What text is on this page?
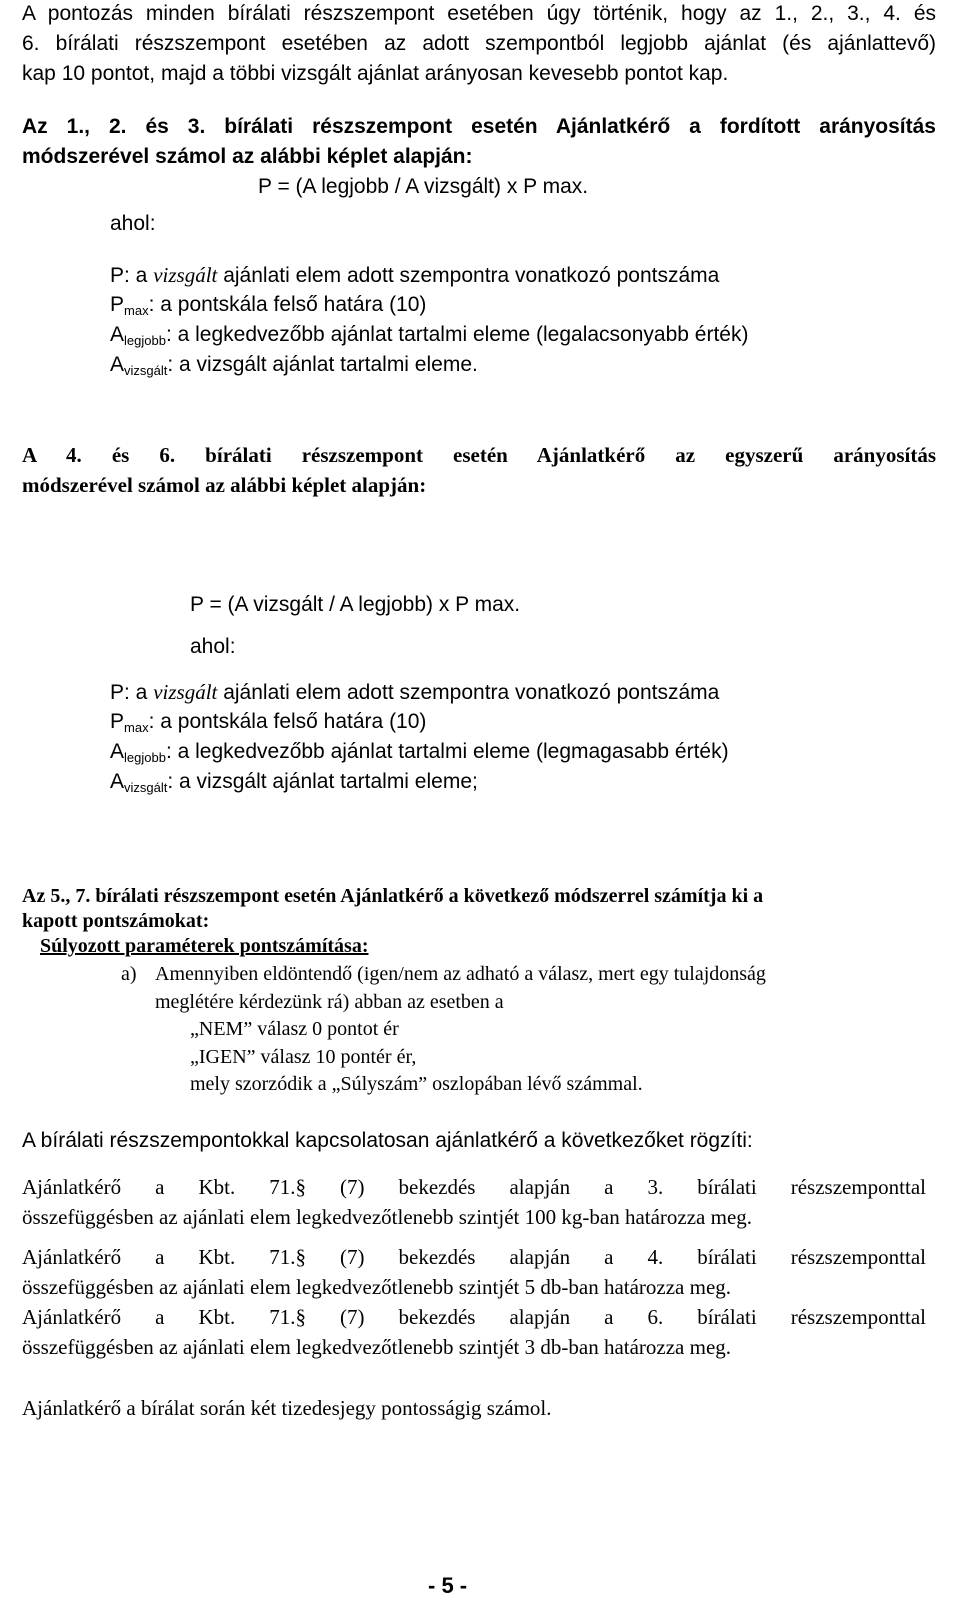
A pontozás minden bírálati részszempont esetében úgy történik, hogy az 1., 2., 3., 4. és
6. bírálati részszempont esetében az adott szempontból legjobb ajánlat (és ajánlattevő)
kap 10 pontot, majd a többi vizsgált ajánlat arányosan kevesebb pontot kap.
Az 1., 2. és 3. bírálati részszempont esetén Ajánlatkérő a fordított arányosítás
módszerével számol az alábbi képlet alapján:
P = (A legjobb / A vizsgált) x P max.
ahol:
P: a vizsgált ajánlati elem adott szempontra vonatkozó pontszáma
$P_{max}$: a pontskála felső határa (10)
$A_{legjobb}$: a legkedvezőbb ajánlat tartalmi eleme (legalacsonyabb érték)
$A_{vizsgált}$: a vizsgált ajánlat tartalmi eleme.
A 4. és 6. bírálati részszempont esetén Ajánlatkérő az egyszerű arányosítás
módszerével számol az alábbi képlet alapján:
P = (A vizsgált / A legjobb) x P max.
ahol:
P: a vizsgált ajánlati elem adott szempontra vonatkozó pontszáma
$P_{max}$: a pontskála felső határa (10)
$A_{legjobb}$: a legkedvezőbb ajánlat tartalmi eleme (legmagasabb érték)
$A_{vizsgált}$: a vizsgált ajánlat tartalmi eleme;
Az 5., 7. bírálati részszempont esetén Ajánlatkérő a következő módszerrel számítja ki a
kapott pontszámokat:
Súlyozott paraméterek pontszámítása:
a) Amennyiben eldöntendő (igen/nem az adható a válasz, mert egy tulajdonság
meglétére kérdezünk rá) abban az esetben a
„NEM” válasz 0 pontot ér
„IGEN” válasz 10 pontér ér,
mely szorzódik a „Súlyszám” oszlopában lévő számmal.
A bírálati részszempontokkal kapcsolatosan ajánlatkérő a következőket rögzíti:
Ajánlatkérő a Kbt. 71.§ (7) bekezdés alapján a 3. bírálati részszemponttal
összefüggésben az ajánlati elem legkedvezőtlenebb szintjét 100 kg-ban határozza meg.
Ajánlatkérő a Kbt. 71.§ (7) bekezdés alapján a 4. bírálati részszemponttal
összefüggésben az ajánlati elem legkedvezőtlenebb szintjét 5 db-ban határozza meg.
Ajánlatkérő a Kbt. 71.§ (7) bekezdés alapján a 6. bírálati részszemponttal
összefüggésben az ajánlati elem legkedvezőtlenebb szintjét 3 db-ban határozza meg.
Ajánlatkérő a bírálat során két tizedesjegy pontosságig számol.
- 5 -
